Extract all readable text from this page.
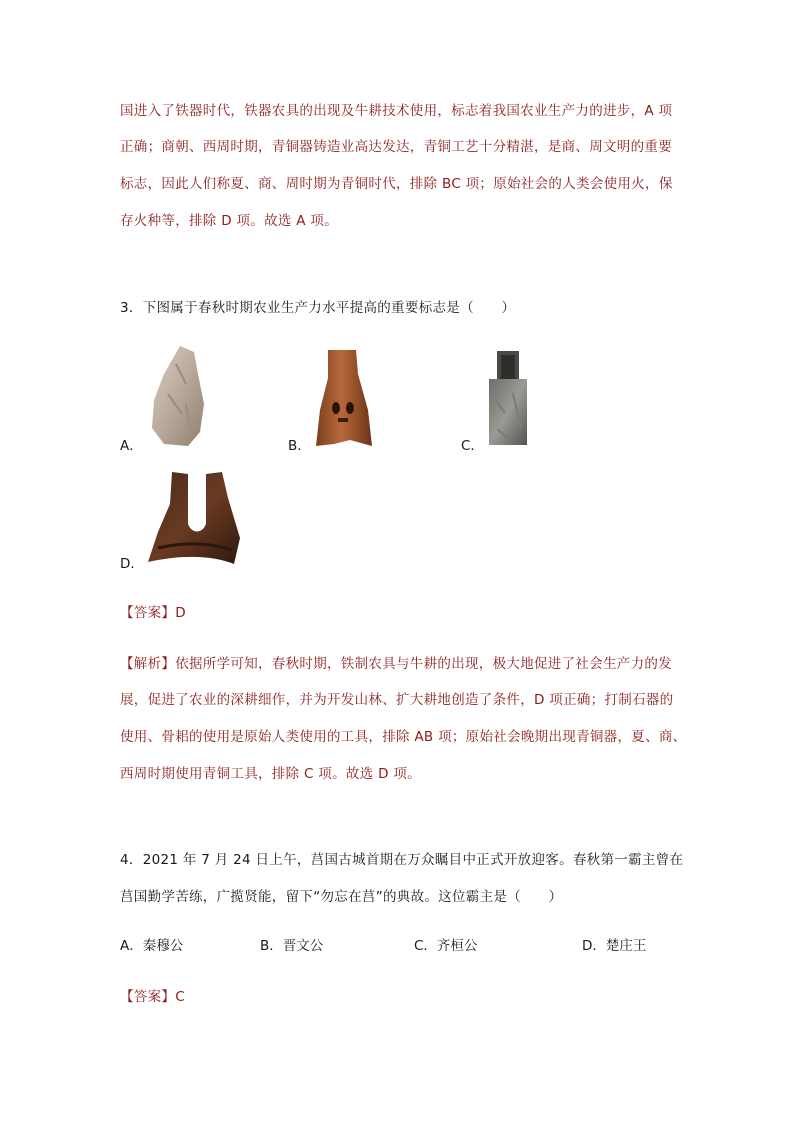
国进入了铁器时代，铁器农具的出现及牛耕技术使用，标志着我国农业生产力的进步，A 项
正确；商朝、西周时期，青铜器铸造业高达发达，青铜工艺十分精湛，是商、周文明的重要
标志，因此人们称夏、商、周时期为青铜时代，排除 BC 项；原始社会的人类会使用火，保
存火种等，排除 D 项。故选 A 项。
3．下图属于春秋时期农业生产力水平提高的重要标志是（　　）
A．	B．	C．
D．
【答案】D
【解析】依据所学可知，春秋时期，铁制农具与牛耕的出现，极大地促进了社会生产力的发
展，促进了农业的深耕细作，并为开发山林、扩大耕地创造了条件，D 项正确；打制石器的
使用、骨耜的使用是原始人类使用的工具，排除 AB 项；原始社会晚期出现青铜器，夏、商、
西周时期使用青铜工具，排除 C 项。故选 D 项。
4．2021 年 7 月 24 日上午，莒国古城首期在万众瞩目中正式开放迎客。春秋第一霸主曾在
莒国勤学苦练，广揽贤能，留下“勿忘在莒”的典故。这位霸主是（　　）
A．秦穆公	B．晋文公	C．齐桓公	D．楚庄王
【答案】C
